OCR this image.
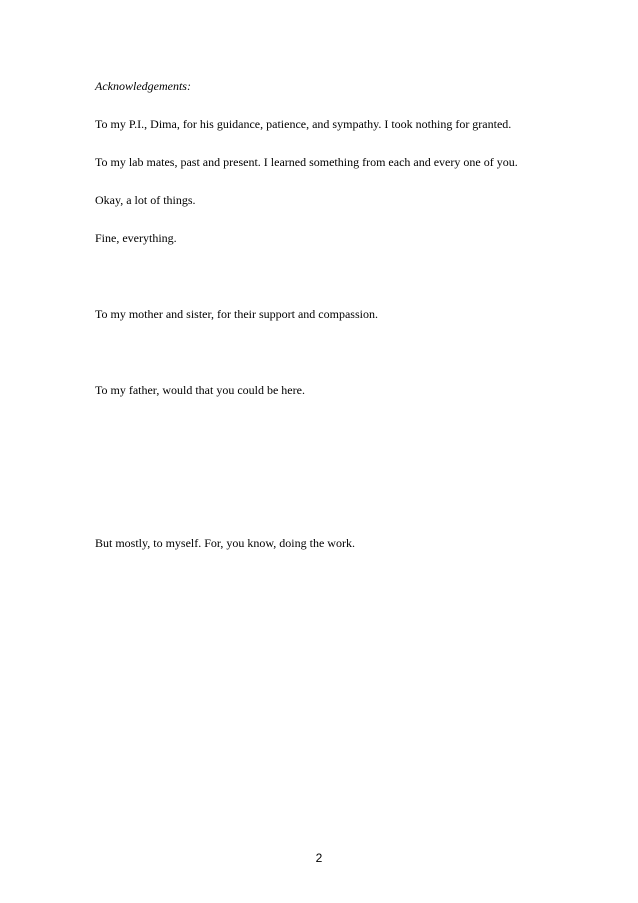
Acknowledgements:

To my P.I., Dima, for his guidance, patience, and sympathy. I took nothing for granted.

To my lab mates, past and present. I learned something from each and every one of you.

Okay, a lot of things.

Fine, everything.

To my mother and sister, for their support and compassion.

To my father, would that you could be here.

But mostly, to myself. For, you know, doing the work.

2
